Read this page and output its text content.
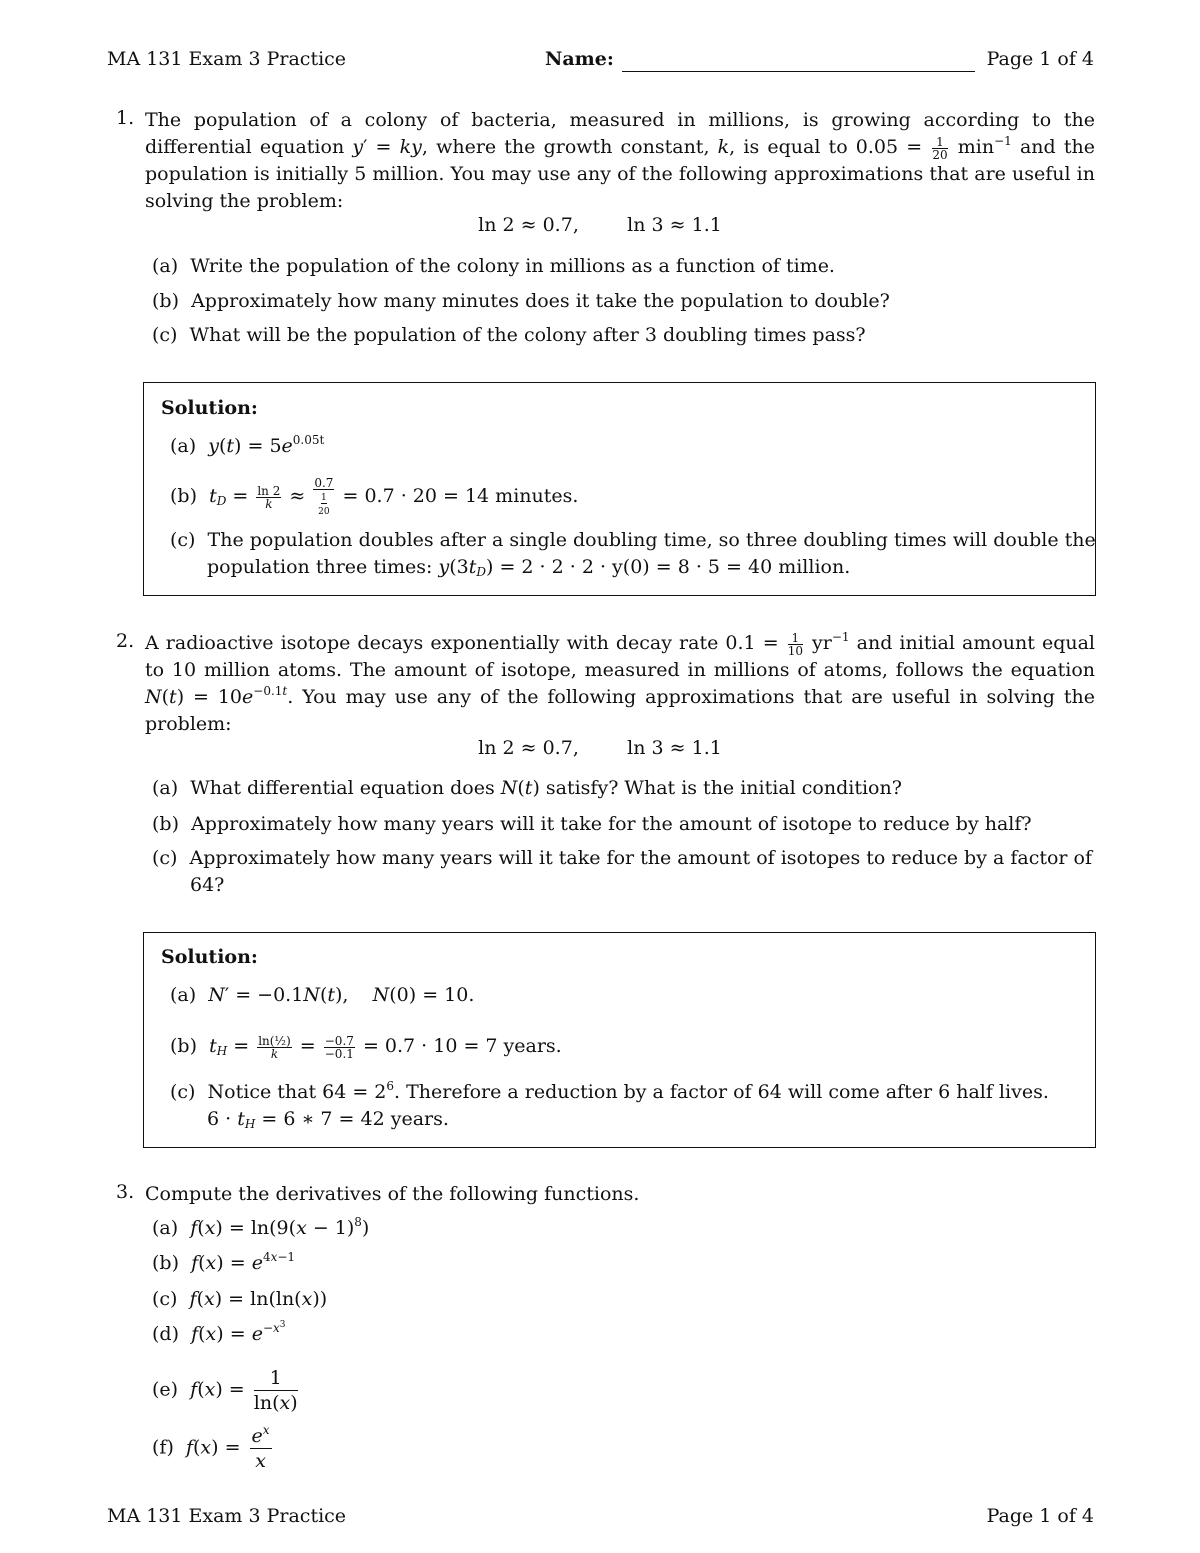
MA 131 Exam 3 Practice	Name:	Page 1 of 4
1. The population of a colony of bacteria, measured in millions, is growing according to the differential equation y′ = ky, where the growth constant, k, is equal to $0.05 = \frac{1}{20} \min^{-1}$ and the population is initially 5 million. You may use any of the following approximations that are useful in solving the problem:
ln 2 ≈ 0.7,        ln 3 ≈ 1.1
(a)  Write the population of the colony in millions as a function of time.
(b)  Approximately how many minutes does it take the population to double?
(c)  What will be the population of the colony after 3 doubling times pass?
Solution:
(a)  $y(t) = 5e^{0.05t}$
(b)  $t_D = \frac{\ln 2}{k}$ ≈
0.7
1
20
= 0.7 · 20 = 14 minutes.
(c)  The population doubles after a single doubling time, so three doubling times will double the
population three times: $y(3t_D) = 2 \cdot 2 \cdot 2 \cdot y(0) = 8 \cdot 5 = 40$ million.
2. A radioactive isotope decays exponentially with decay rate $0.1 = \frac{1}{10} yr^{-1}$ and initial amount equal to 10 million atoms. The amount of isotope, measured in millions of atoms, follows the equation $N(t) = 10e^{-0.1t}$. You may use any of the following approximations that are useful in solving the problem:
ln 2 ≈ 0.7,        ln 3 ≈ 1.1
(a)  What differential equation does N(t) satisfy? What is the initial condition?
(b)  Approximately how many years will it take for the amount of isotope to reduce by half?
(c)  Approximately how many years will it take for the amount of isotopes to reduce by a factor of
64?
Solution:
(a)  N′ = −0.1N(t),    N(0) = 10.
(b)  $t_H = \frac{\text{ln(½)}}{k} = \frac{-0.7}{-0.1} = 0.7 \cdot 10 = 7$ years.
(c)  Notice that $64 = 2^6$. Therefore a reduction by a factor of 64 will come after 6 half lives.
$6 \cdot t_H = 6$ ∗ 7 = 42 years.
3. Compute the derivatives of the following functions.
(a)  $f(x) = \ln(9(x - 1)^8)$
(b)  $f(x) = e^{4x-1}$
(c)  f(x) = ln(ln(x))
(d)  $f(x) = e^{-x^3}$
(e)  $f(x) = \frac{1}{\ln(x)}$
(f)  $f(x) = \frac{e^x}{x}$
MA 131 Exam 3 Practice	Page 1 of 4
